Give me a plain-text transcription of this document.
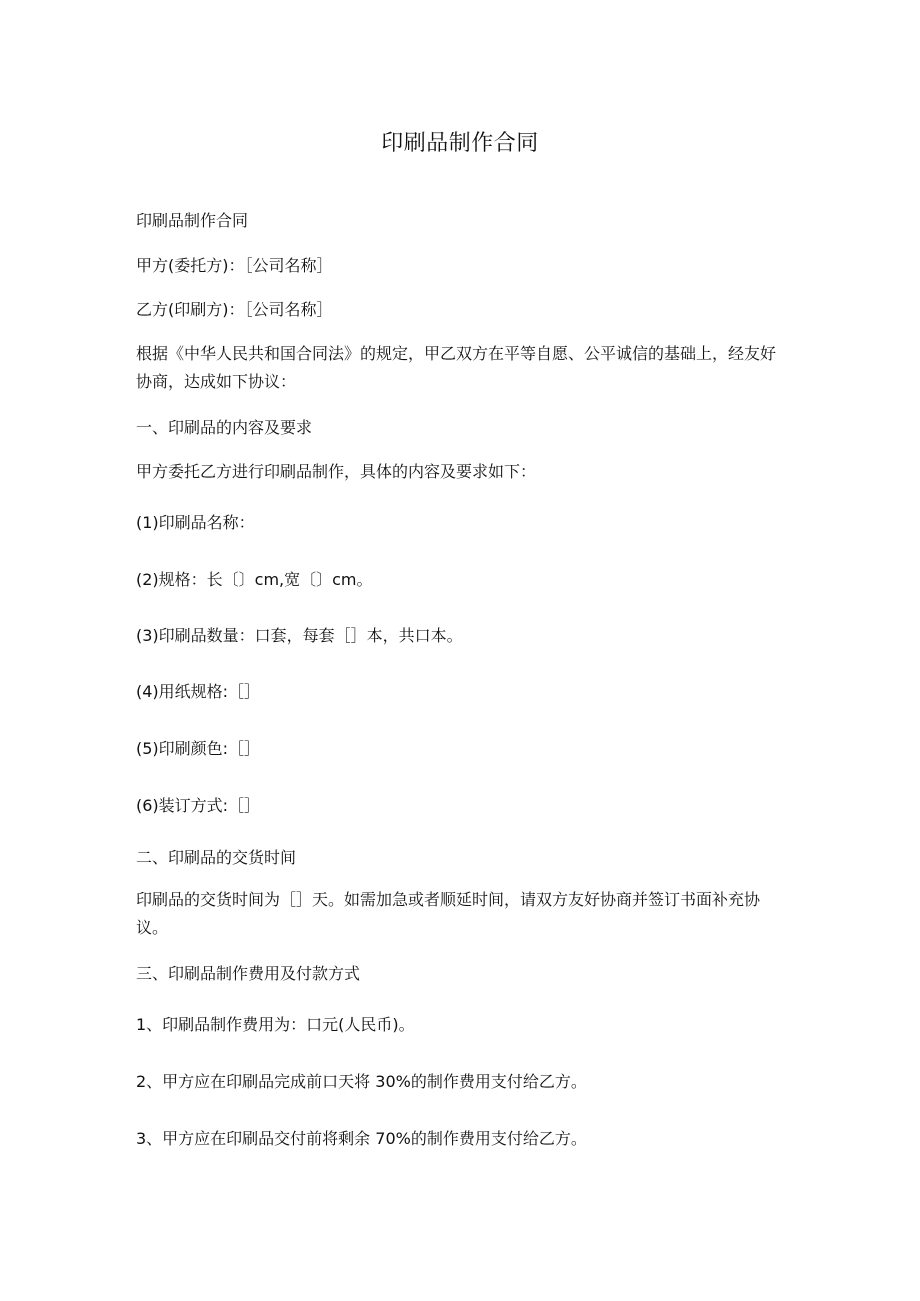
印刷品制作合同
印刷品制作合同
甲方(委托方)：［公司名称］
乙方(印刷方)：［公司名称］
根据《中华人民共和国合同法》的规定，甲乙双方在平等自愿、公平诚信的基础上，经友好协商，达成如下协议：
一、印刷品的内容及要求
甲方委托乙方进行印刷品制作，具体的内容及要求如下：
(1)印刷品名称：
(2)规格：长〔〕cm,宽〔〕cm。
(3)印刷品数量：口套，每套［］本，共口本。
(4)用纸规格:［］
(5)印刷颜色:［］
(6)装订方式:［］
二、印刷品的交货时间
印刷品的交货时间为［］天。如需加急或者顺延时间，请双方友好协商并签订书面补充协议。
三、印刷品制作费用及付款方式
1、印刷品制作费用为：口元(人民币)。
2、甲方应在印刷品完成前口天将 30%的制作费用支付给乙方。
3、甲方应在印刷品交付前将剩余 70%的制作费用支付给乙方。
